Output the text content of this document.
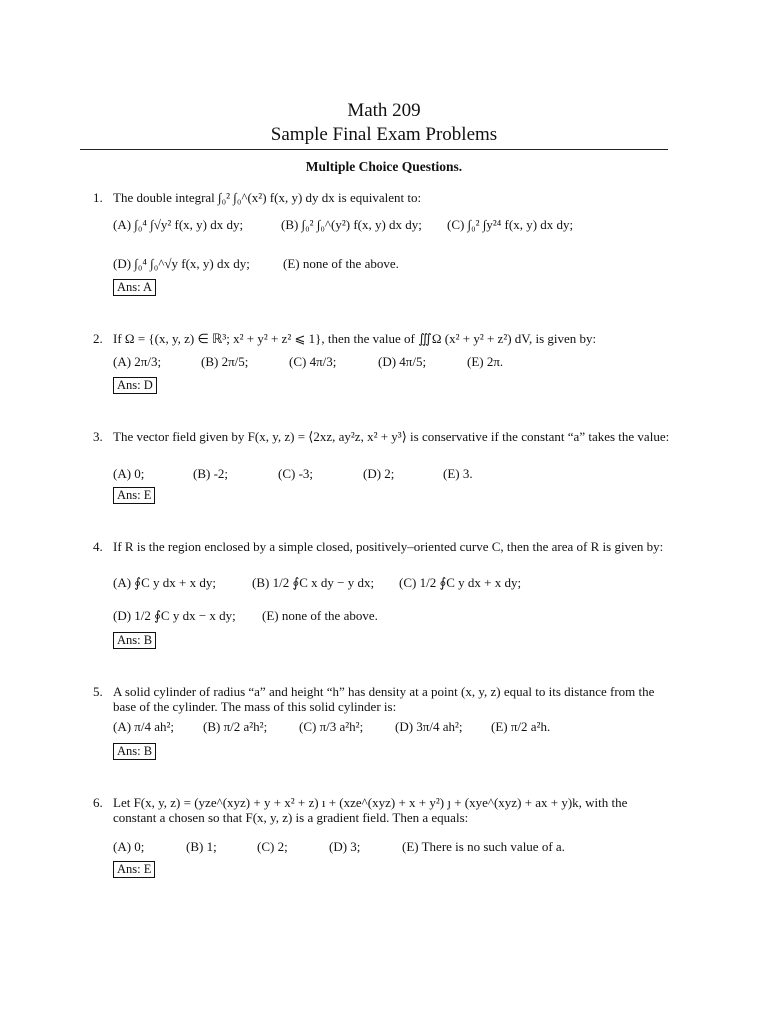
Math 209
Sample Final Exam Problems
Multiple Choice Questions.
1. The double integral ∫₀² ∫₀^(x²) f(x, y) dy dx is equivalent to:
(A) ∫₀⁴ ∫√y² f(x, y) dx dy;	(B) ∫₀² ∫₀^(y²) f(x, y) dx dy; (C) ∫₀² ∫y²⁴ f(x, y) dx dy;
(D) ∫₀⁴ ∫₀^√y f(x, y) dx dy;	(E) none of the above.
Ans: A
2. If Ω = {(x, y, z) ∈ ℝ³; x² + y² + z² ⩽ 1}, then the value of ∭Ω (x² + y² + z²) dV, is given by:
(A) 2π/3;	(B) 2π/5;	(C) 4π/3;	(D) 4π/5;	(E) 2π.
Ans: D
3. The vector field given by F(x, y, z) = ⟨2xz, ay²z, x² + y³⟩ is conservative if the constant “a” takes the value:
(A) 0;	(B) -2;	(C) -3;	(D) 2;	(E) 3.
Ans: E
4. If R is the region enclosed by a simple closed, positively–oriented curve C, then the area of R is given by:
(A) ∮C y dx + x dy;	(B) 1/2 ∮C x dy − y dx; (C) 1/2 ∮C y dx + x dy;
(D) 1/2 ∮C y dx − x dy; (E) none of the above.
Ans: B
5. A solid cylinder of radius “a” and height “h” has density at a point (x, y, z) equal to its distance from the base of the cylinder. The mass of this solid cylinder is:
(A) π/4 ah²; (B) π/2 a²h²; (C) π/3 a²h²; (D) 3π/4 ah²; (E) π/2 a²h.
Ans: B
6. Let F(x, y, z) = (yze^(xyz) + y + x² + z) ı + (xze^(xyz) + x + y²) ȷ + (xye^(xyz) + ax + y)k, with the constant a chosen so that F(x, y, z) is a gradient field. Then a equals:
(A) 0;	(B) 1;	(C) 2;	(D) 3;	(E) There is no such value of a.
Ans: E
